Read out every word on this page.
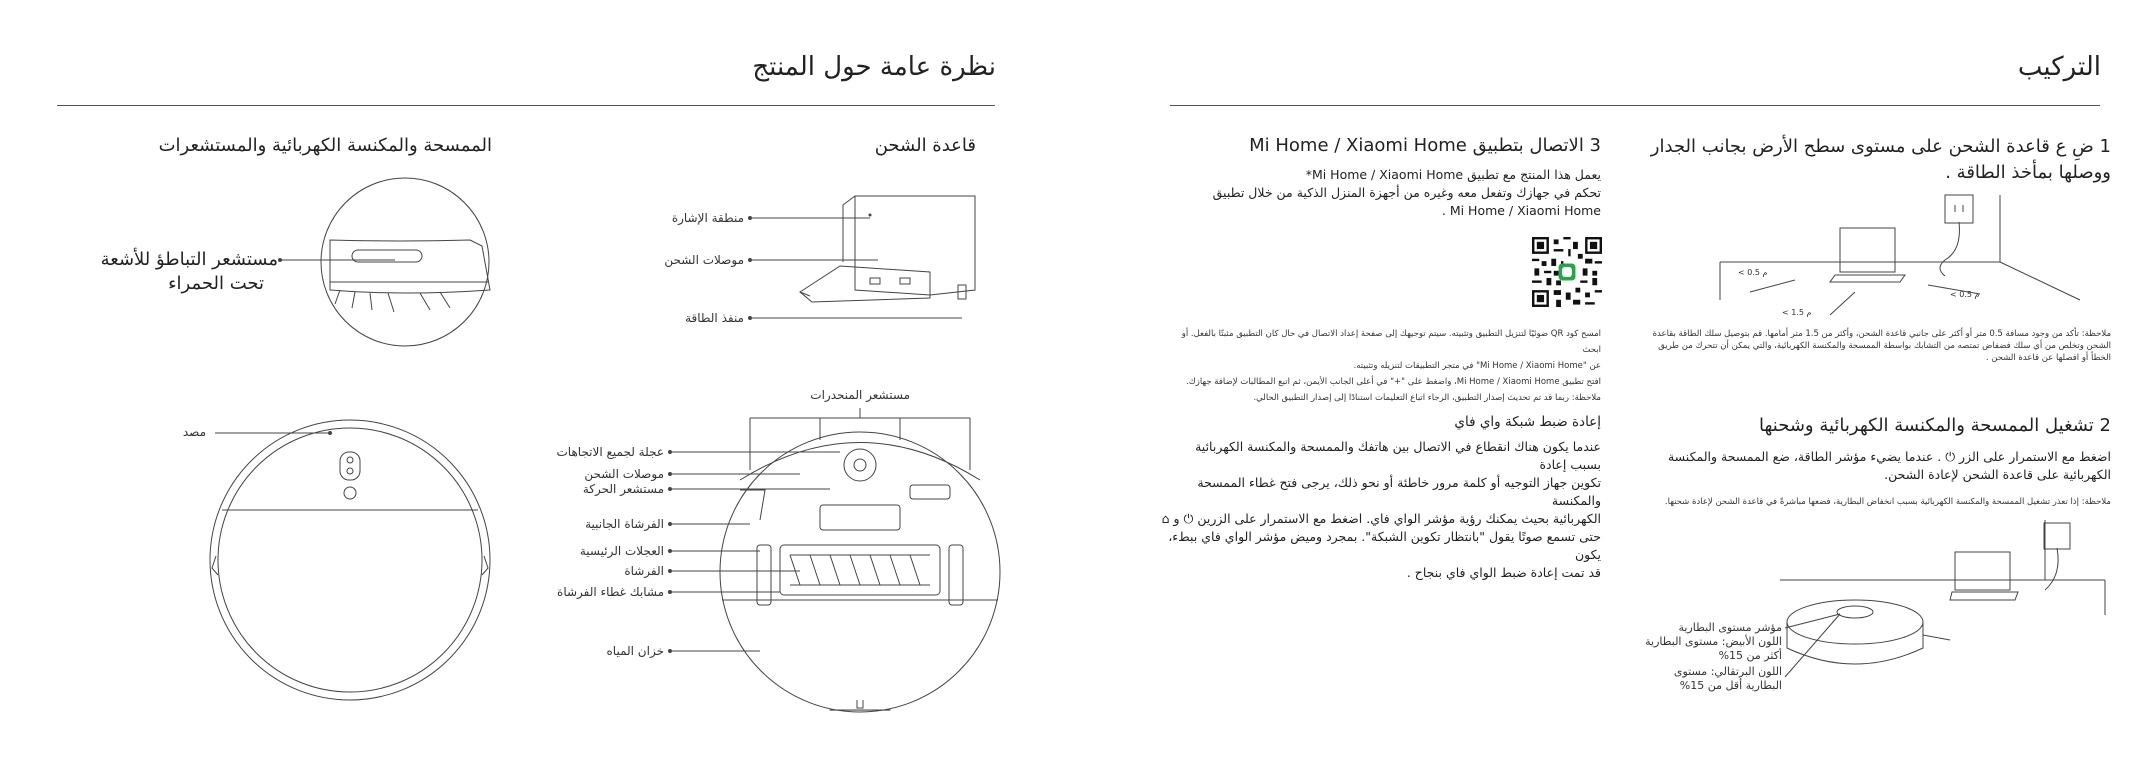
نظرة عامة حول المنتج
الممسحة والمكنسة الكهربائية والمستشعرات	قاعدة الشحن
مستشعر التباطؤ للأشعة
تحت الحمراء
مصد
منطقة الإشارة
موصلات الشحن
منفذ الطاقة
مستشعر المنحدرات
عجلة لجميع الاتجاهات
موصلات الشحن
مستشعر الحركة
الفرشاة الجانبية
العجلات الرئيسية
الفرشاة
مشابك غطاء الفرشاة
خزان المياه
التركيب
1 ضِ ع قاعدة الشحن على مستوى سطح الأرض بجانب الجدار
ووصلها بمأخذ الطاقة .
< 0.5 م
< 0.5 م
< 1.5 م
ملاحظة: تأكد من وجود مسافة 0.5 متر أو أكثر على جانبي قاعدة الشحن، وأكثر من 1.5 متر أمامها. قم بتوصيل سلك الطاقة بقاعدة
الشحن وتخلص من أي سلك فضفاض تمتصه من التشابك بواسطة الممسحة والمكنسة الكهربائية، والتي يمكن أن تتحرك من طريق
الخطأ أو افصلها عن قاعدة الشحن .
2 تشغيل الممسحة والمكنسة الكهربائية وشحنها
اضغط مع الاستمرار على الزر ⏻ . عندما يضيء مؤشر الطاقة، ضع الممسحة والمكنسة
الكهربائية على قاعدة الشحن لإعادة الشحن.
ملاحظة: إذا تعذر تشغيل الممسحة والمكنسة الكهربائية بسبب انخفاض البطارية، فضعها مباشرةً في قاعدة الشحن لإعادة شحنها.
مؤشر مستوى البطارية
اللون الأبيض: مستوى البطارية
أكثر من 15%
اللون البرتقالي: مستوى
البطارية أقل من 15%
3 الاتصال بتطبيق Mi Home / Xiaomi Home
يعمل هذا المنتج مع تطبيق Mi Home / Xiaomi Home*
تحكم في جهازك وتفعل معه وغيره من أجهزة المنزل الذكية من خلال تطبيق
Mi Home / Xiaomi Home .
امسح كود QR ضوئيًا لتنزيل التطبيق وتثبيته. سيتم توجيهك إلى صفحة إعداد الاتصال في حال كان التطبيق مثبتًا بالفعل. أو ابحث
عن "Mi Home / Xiaomi Home" في متجر التطبيقات لتنزيله وتثبيته.
افتح تطبيق Mi Home / Xiaomi Home، واضغط على "+" في أعلى الجانب الأيمن، ثم اتبع المطالبات لإضافة جهازك.
ملاحظة: ربما قد تم تحديث إصدار التطبيق، الرجاء اتباع التعليمات استنادًا إلى إصدار التطبيق الحالي.
إعادة ضبط شبكة واي فاي
عندما يكون هناك انقطاع في الاتصال بين هاتفك والممسحة والمكنسة الكهربائية بسبب إعادة
تكوين جهاز التوجيه أو كلمة مرور خاطئة أو نحو ذلك، يرجى فتح غطاء الممسحة والمكنسة
الكهربائية بحيث يمكنك رؤية مؤشر الواي فاي. اضغط مع الاستمرار على الزرين ⏻ و ⌂
حتى تسمع صوتًا يقول "بانتظار تكوين الشبكة". بمجرد وميض مؤشر الواي فاي ببطء، يكون
قد تمت إعادة ضبط الواي فاي بنجاح .
